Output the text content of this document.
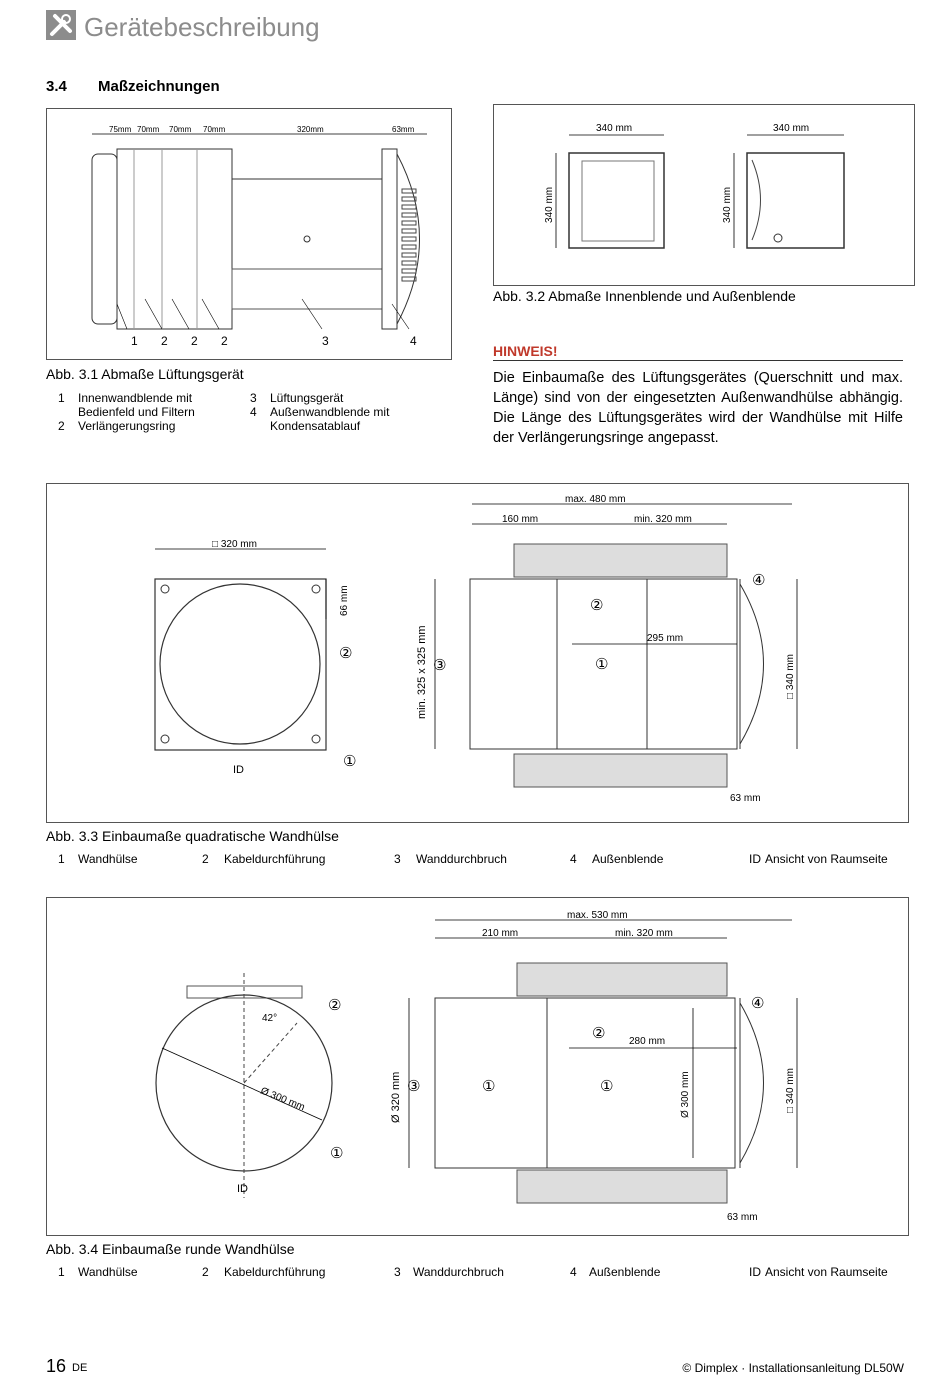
Gerätebeschreibung
3.4 Maßzeichnungen
75mm 70mm 70mm 70mm	320mm	63mm
1 2 2 2	3	4
Abb. 3.1 Abmaße Lüftungsgerät
1 Innenwandblende mit
Bedienfeld und Filtern
2 Verlängerungsring
3 Lüftungsgerät
4 Außenwandblende mit
Kondensatablauf
340 mm
340 mm
340 mm
340 mm
Abb. 3.2 Abmaße Innenblende und Außenblende
HINWEIS!
Die Einbaumaße des Lüftungsgerätes (Querschnitt und max. Länge) sind von der eingesetzten Außenwandhülse abhängig. Die Länge des Lüftungsgerätes wird der Wandhülse mit Hilfe der Verlängerungsringe angepasst.
□ 320 mm
66 mm
②
①
ID
max. 480 mm
160 mm	min. 320 mm
295 mm
min. 325 x 325 mm ③
②
①
④
□ 340 mm
63 mm
Abb. 3.3 Einbaumaße quadratische Wandhülse
1 Wandhülse	2 Kabeldurchführung	3 Wanddurchbruch	4 Außenblende	ID Ansicht von Raumseite
42°
Ø 300 mm
②
①
ID
max. 530 mm
210 mm	min. 320 mm
280 mm
Ø 320 mm ③	①	①
②
Ø 300 mm
④
□ 340 mm
63 mm
Abb. 3.4 Einbaumaße runde Wandhülse
1 Wandhülse	2 Kabeldurchführung	3 Wanddurchbruch	4 Außenblende	ID Ansicht von Raumseite
16 DE	© Dimplex · Installationsanleitung DL50W
